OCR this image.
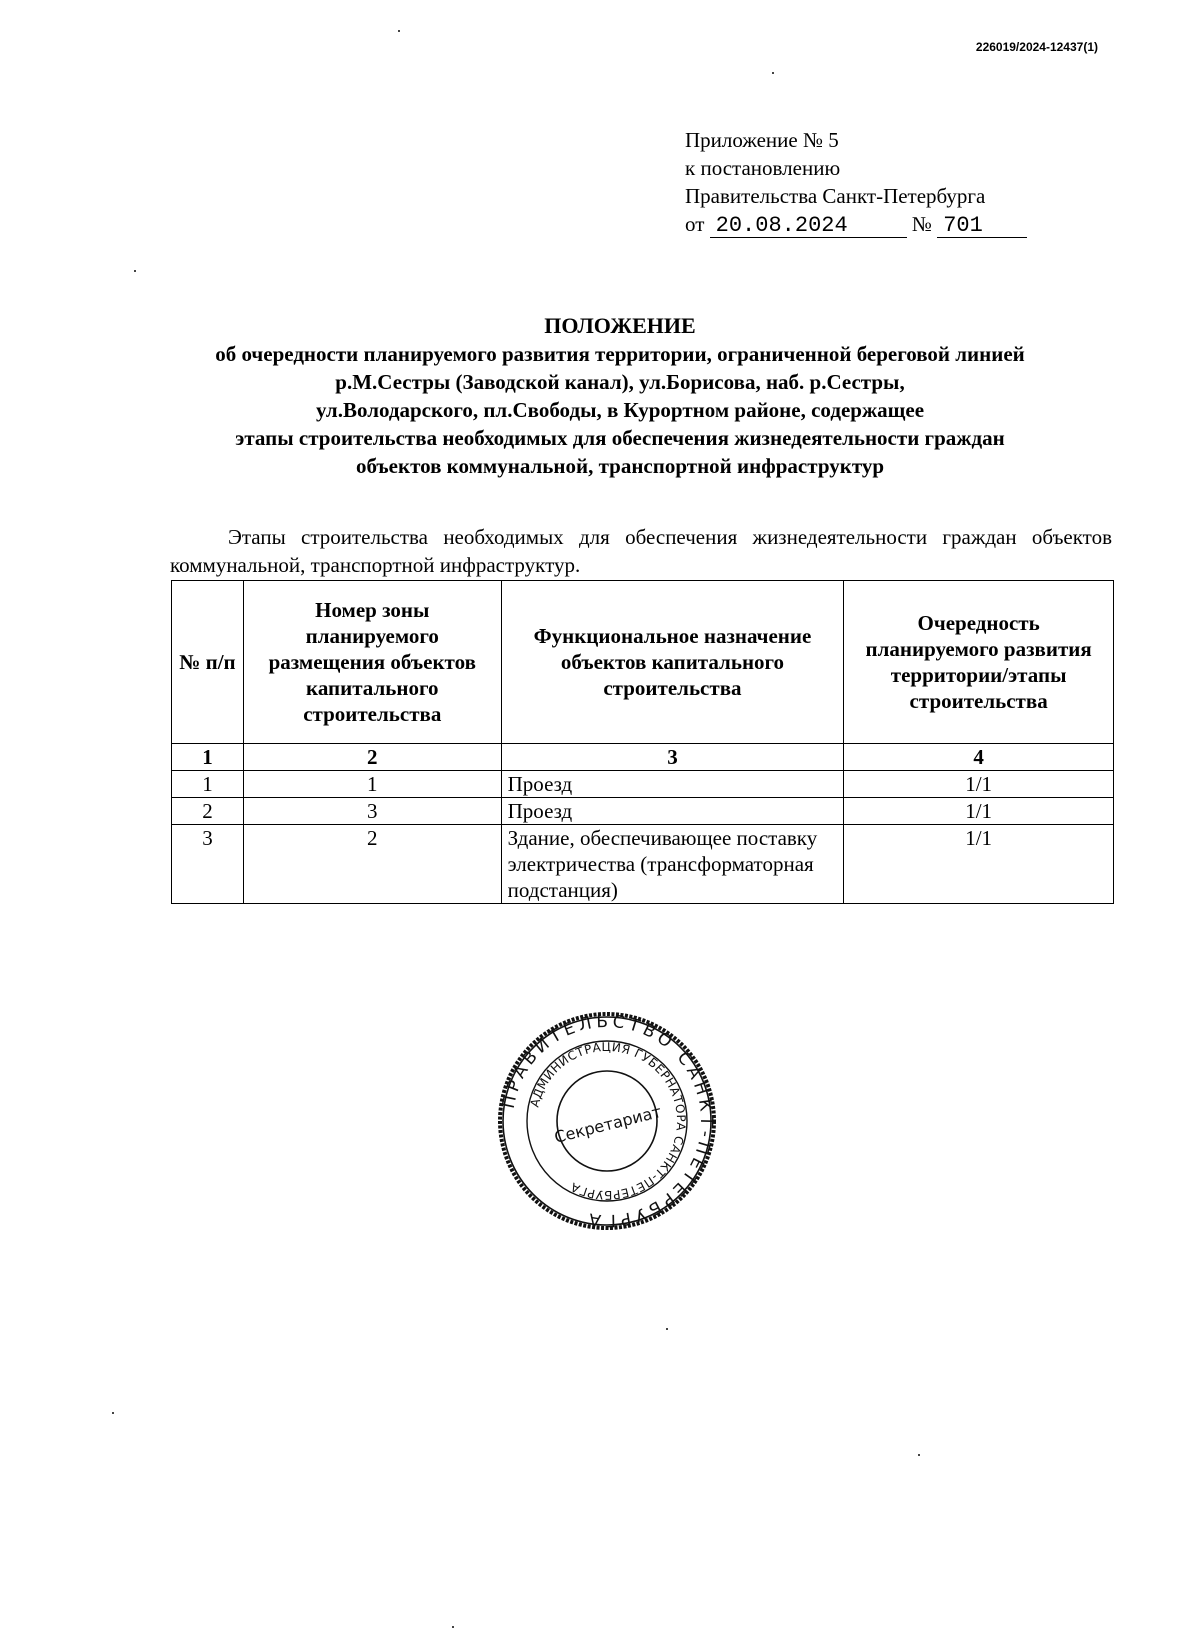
226019/2024-12437(1)
Приложение № 5
к постановлению
Правительства Санкт-Петербурга
от 20.08.2024	№ 701
ПОЛОЖЕНИЕ
об очередности планируемого развития территории, ограниченной береговой линией
р.М.Сестры (Заводской канал), ул.Борисова, наб. р.Сестры,
ул.Володарского, пл.Свободы, в Курортном районе, содержащее
этапы строительства необходимых для обеспечения жизнедеятельности граждан
объектов коммунальной, транспортной инфраструктур

Этапы строительства необходимых для обеспечения жизнедеятельности граждан объектов коммунальной, транспортной инфраструктур.

№ п/п	Номер зоны планируемого размещения объектов капитального строительства	Функциональное назначение объектов капитального строительства	Очередность планируемого развития территории/этапы строительства
1	2	3	4
1	1	Проезд	1/1
2	3	Проезд	1/1
3	2	Здание, обеспечивающее поставку электричества (трансформаторная подстанция)	1/1
ПРАВИТЕЛЬСТВО САНКТ-ПЕТЕРБУРГА
АДМИНИСТРАЦИЯ ГУБЕРНАТОРА САНКТ-ПЕТЕРБУРГА
Секретариат
